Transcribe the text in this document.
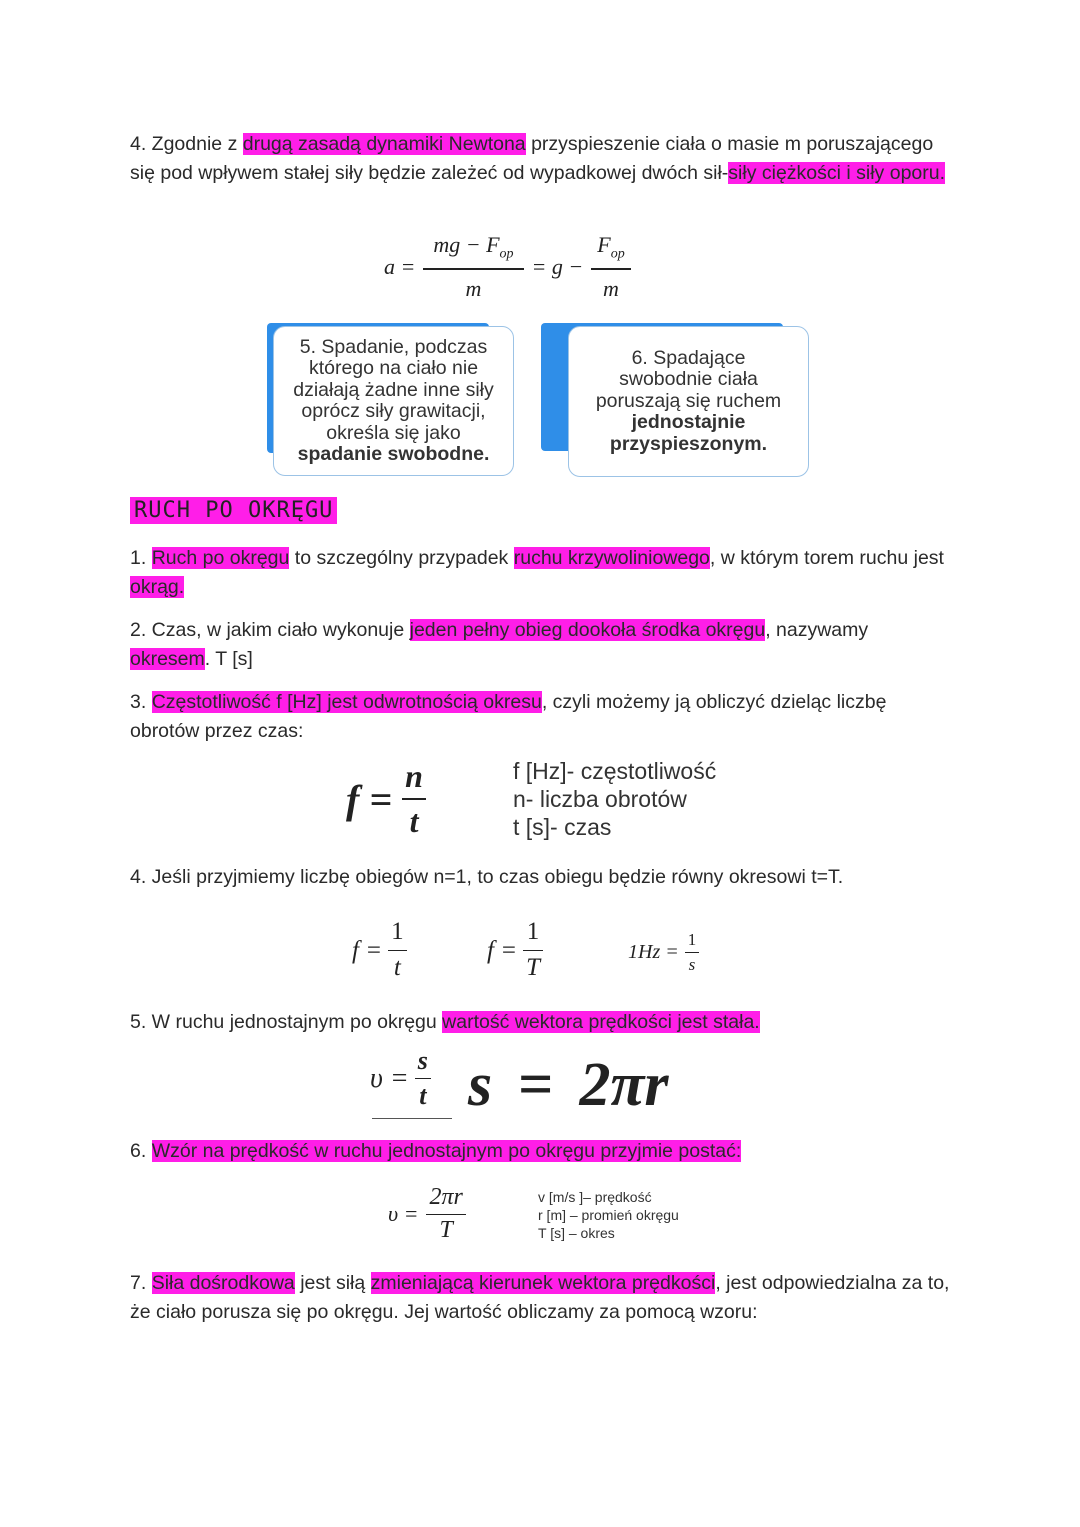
4. Zgodnie z drugą zasadą dynamiki Newtona przyspieszenie ciała o masie m poruszającego się pod wpływem stałej siły będzie zależeć od wypadkowej dwóch sił-siły ciężkości i siły oporu.
$a = \frac{mg - F_{op}}{m} = g - \frac{F_{op}}{m}$
5. Spadanie, podczas którego na ciało nie działają żadne inne siły oprócz siły grawitacji, określa się jako
spadanie swobodne.
6. Spadające swobodnie ciała poruszają się ruchem
jednostajnie przyspieszonym.
RUCH PO OKRĘGU
1. Ruch po okręgu to szczególny przypadek ruchu krzywoliniowego, w którym torem ruchu jest okrąg.
2. Czas, w jakim ciało wykonuje jeden pełny obieg dookoła środka okręgu, nazywamy okresem. T [s]
3. Częstotliwość f [Hz] jest odwrotnością okresu, czyli możemy ją obliczyć dzieląc liczbę obrotów przez czas:
$f = \frac{n}{t}$	f [Hz]- częstotliwość
n- liczba obrotów
t [s]- czas
4. Jeśli przyjmiemy liczbę obiegów n=1, to czas obiegu będzie równy okresowi t=T.
$f = \frac{1}{t}$	$f = \frac{1}{T}$	$1Hz = \frac{1}{s}$
5. W ruchu jednostajnym po okręgu wartość wektora prędkości jest stała.
$\upsilon = \frac{s}{t}$ s = 2πr
6. Wzór na prędkość w ruchu jednostajnym po okręgu przyjmie postać:
$\upsilon = \frac{2\pi r}{T}$	v [m/s ]– prędkość
r [m] – promień okręgu
T [s] – okres
7. Siła dośrodkowa jest siłą zmieniającą kierunek wektora prędkości, jest odpowiedzialna za to, że ciało porusza się po okręgu. Jej wartość obliczamy za pomocą wzoru:
